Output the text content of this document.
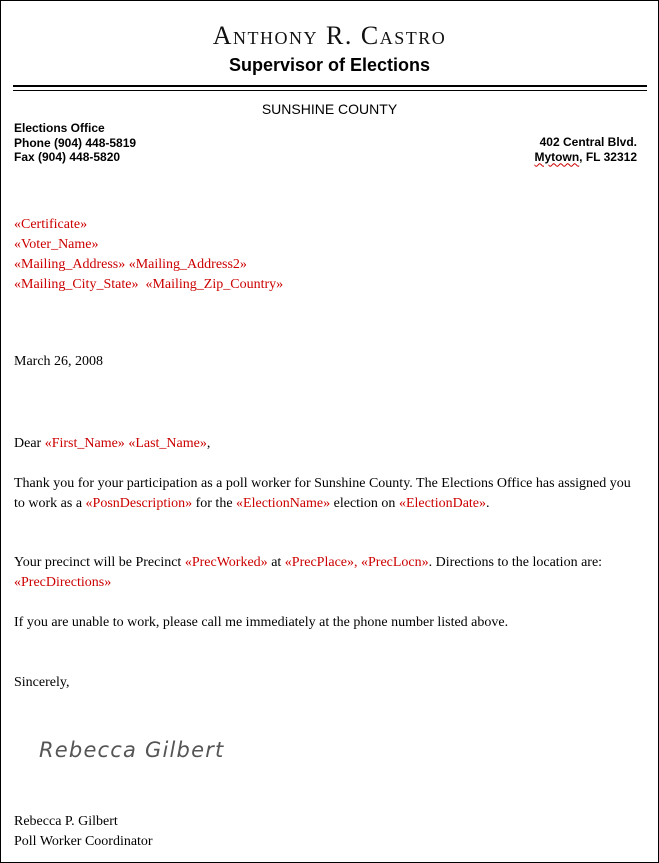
Anthony R. Castro
Supervisor of Elections
SUNSHINE COUNTY
Elections Office
Phone (904) 448-5819
Fax (904) 448-5820
402 Central Blvd.
Mytown, FL 32312
«Certificate»
«Voter_Name»
«Mailing_Address» «Mailing_Address2»
«Mailing_City_State» «Mailing_Zip_Country»
March 26, 2008
Dear «First_Name» «Last_Name»,
Thank you for your participation as a poll worker for Sunshine County. The Elections Office has assigned you to work as a «PosnDescription» for the «ElectionName» election on «ElectionDate».
Your precinct will be Precinct «PrecWorked» at «PrecPlace», «PrecLocn». Directions to the location are: «PrecDirections»
If you are unable to work, please call me immediately at the phone number listed above.
Sincerely,
Rebecca Gilbert
Rebecca P. Gilbert
Poll Worker Coordinator
